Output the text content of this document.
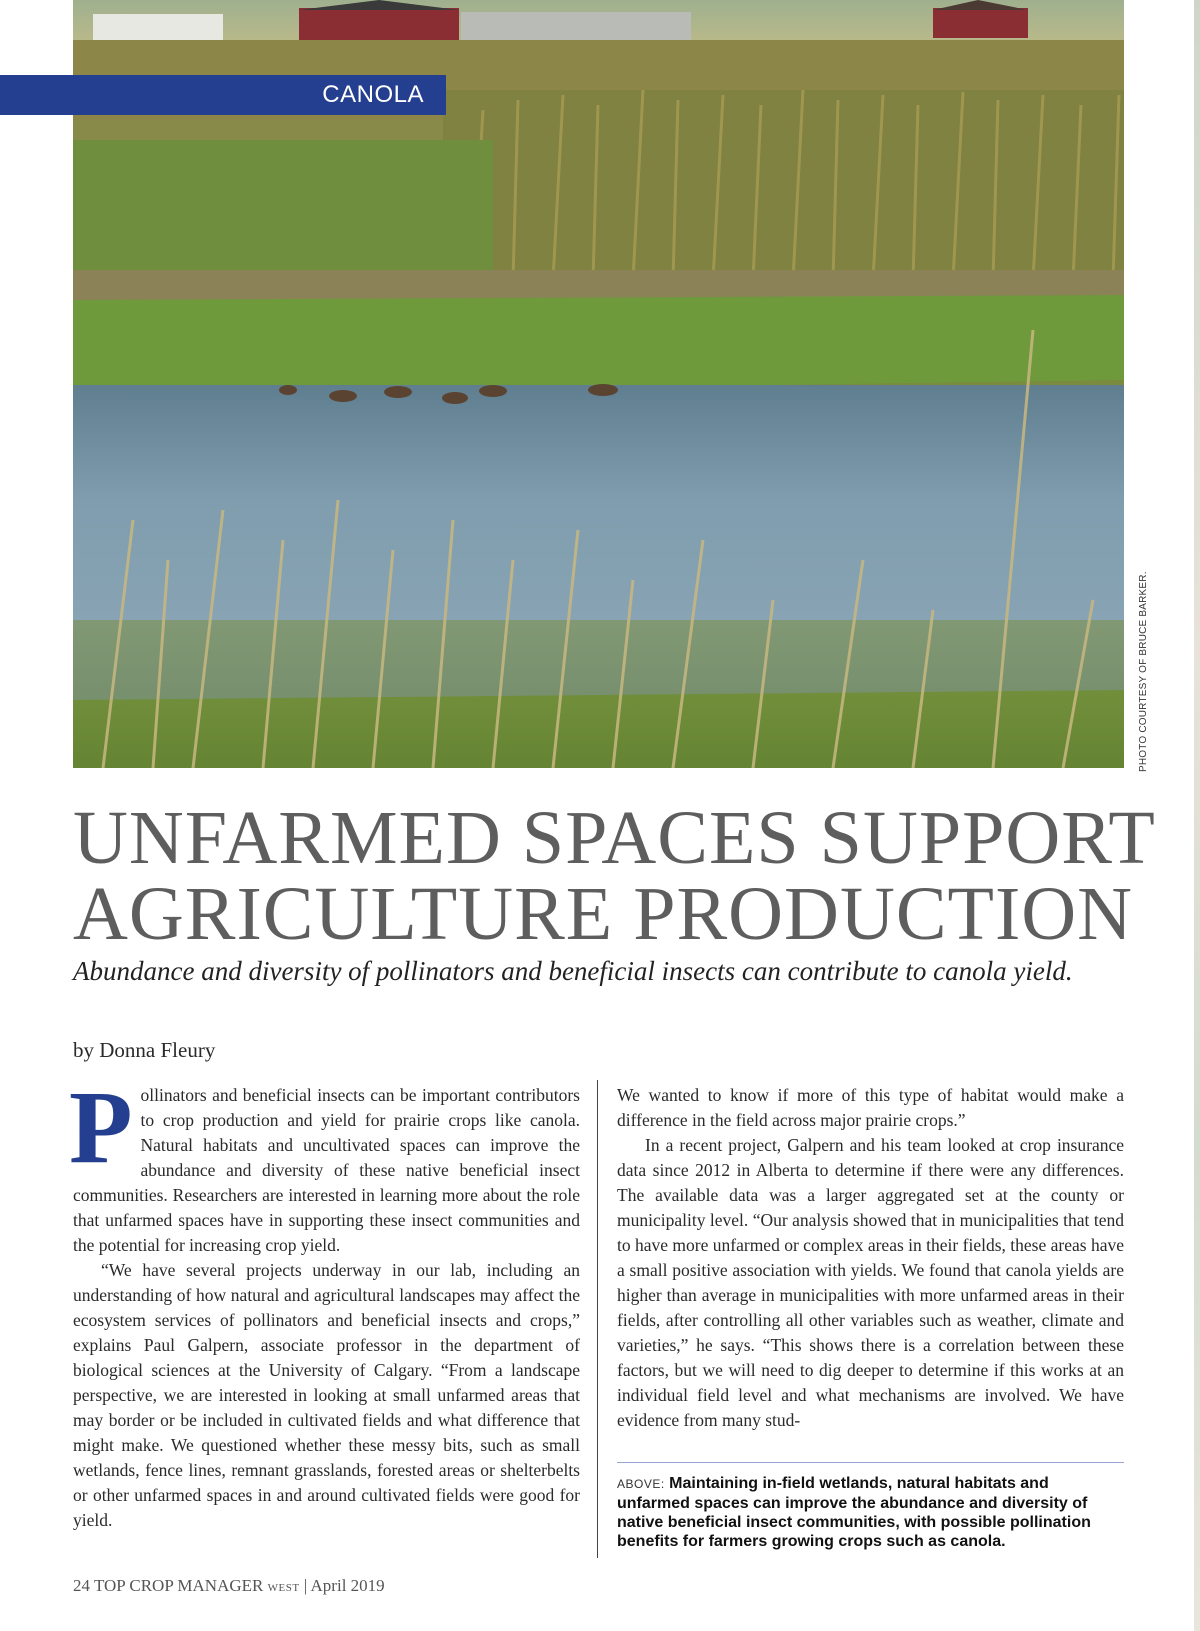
CANOLA
PHOTO COURTESY OF BRUCE BARKER.
UNFARMED SPACES SUPPORT
AGRICULTURE PRODUCTION

Abundance and diversity of pollinators and beneficial insects can contribute to canola yield.

by Donna Fleury

Pollinators and beneficial insects can be important contributors to crop production and yield for prairie crops like canola. Natural habitats and uncultivated spaces can improve the abundance and diversity of these native beneficial insect communities. Researchers are interested in learning more about the role that unfarmed spaces have in supporting these insect communities and the potential for increasing crop yield.

“We have several projects underway in our lab, including an understanding of how natural and agricultural landscapes may affect the ecosystem services of pollinators and beneficial insects and crops,” explains Paul Galpern, associate professor in the department of biological sciences at the University of Calgary. “From a landscape perspective, we are interested in looking at small unfarmed areas that may border or be included in cultivated fields and what difference that might make. We questioned whether these messy bits, such as small wetlands, fence lines, remnant grasslands, forested areas or shelterbelts or other unfarmed spaces in and around cultivated fields were good for yield.

We wanted to know if more of this type of habitat would make a difference in the field across major prairie crops.”

In a recent project, Galpern and his team looked at crop insurance data since 2012 in Alberta to determine if there were any differences. The available data was a larger aggregated set at the county or municipality level. “Our analysis showed that in municipalities that tend to have more unfarmed or complex areas in their fields, these areas have a small positive association with yields. We found that canola yields are higher than average in municipalities with more unfarmed areas in their fields, after controlling all other variables such as weather, climate and varieties,” he says. “This shows there is a correlation between these factors, but we will need to dig deeper to determine if this works at an individual field level and what mechanisms are involved. We have evidence from many stud-

ABOVE: Maintaining in-field wetlands, natural habitats and unfarmed spaces can improve the abundance and diversity of native beneficial insect communities, with possible pollination benefits for farmers growing crops such as canola.
24 TOP CROP MANAGER WEST | April 2019
